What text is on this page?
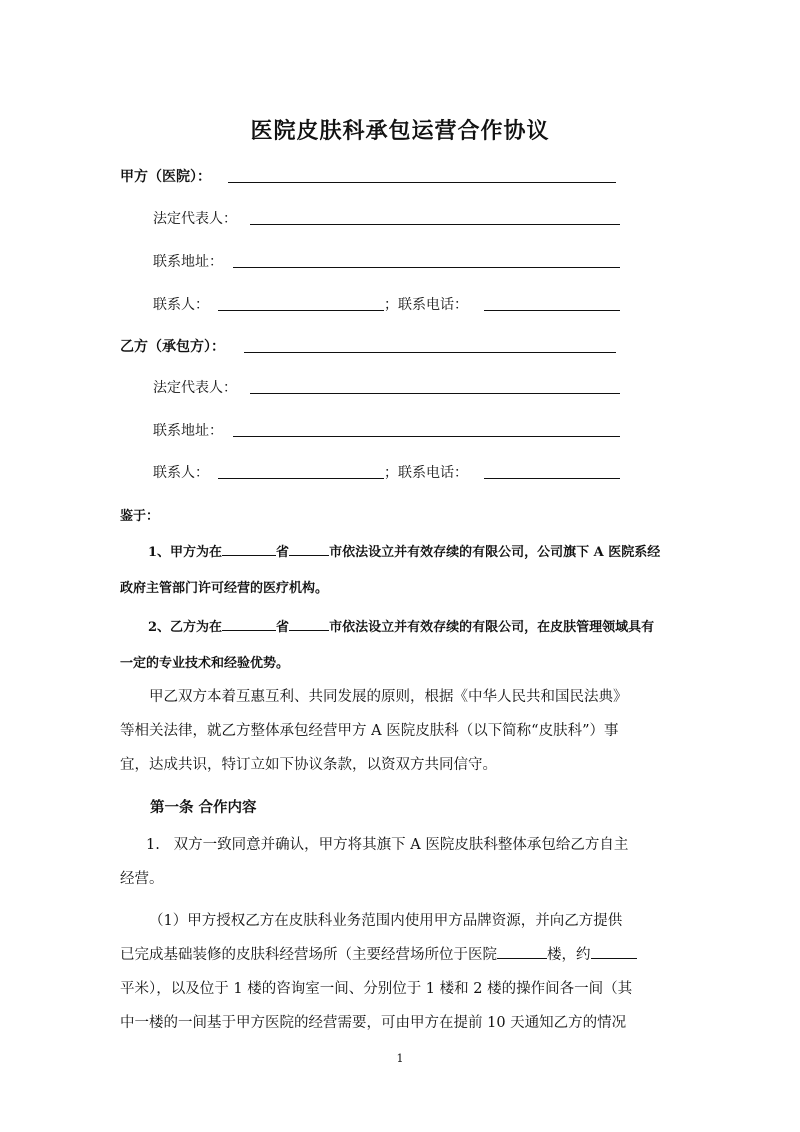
医院皮肤科承包运营合作协议
甲方（医院）：
法定代表人：
联系地址：
联系人：	；联系电话：
乙方（承包方）：
法定代表人：
联系地址：
联系人：	；联系电话：
鉴于：
1、甲方为在	省	市依法设立并有效存续的有限公司，公司旗下 A 医院系经
政府主管部门许可经营的医疗机构。
2、乙方为在	省	市依法设立并有效存续的有限公司，在皮肤管理领域具有
一定的专业技术和经验优势。
甲乙双方本着互惠互利、共同发展的原则，根据《中华人民共和国民法典》
等相关法律，就乙方整体承包经营甲方 A 医院皮肤科（以下简称“皮肤科”）事
宜，达成共识，特订立如下协议条款，以资双方共同信守。
第一条 合作内容
1. 双方一致同意并确认，甲方将其旗下 A 医院皮肤科整体承包给乙方自主
经营。
（1）甲方授权乙方在皮肤科业务范围内使用甲方品牌资源，并向乙方提供
已完成基础装修的皮肤科经营场所（主要经营场所位于医院	楼，约
平米），以及位于 1 楼的咨询室一间、分别位于 1 楼和 2 楼的操作间各一间（其
中一楼的一间基于甲方医院的经营需要，可由甲方在提前 10 天通知乙方的情况
1
